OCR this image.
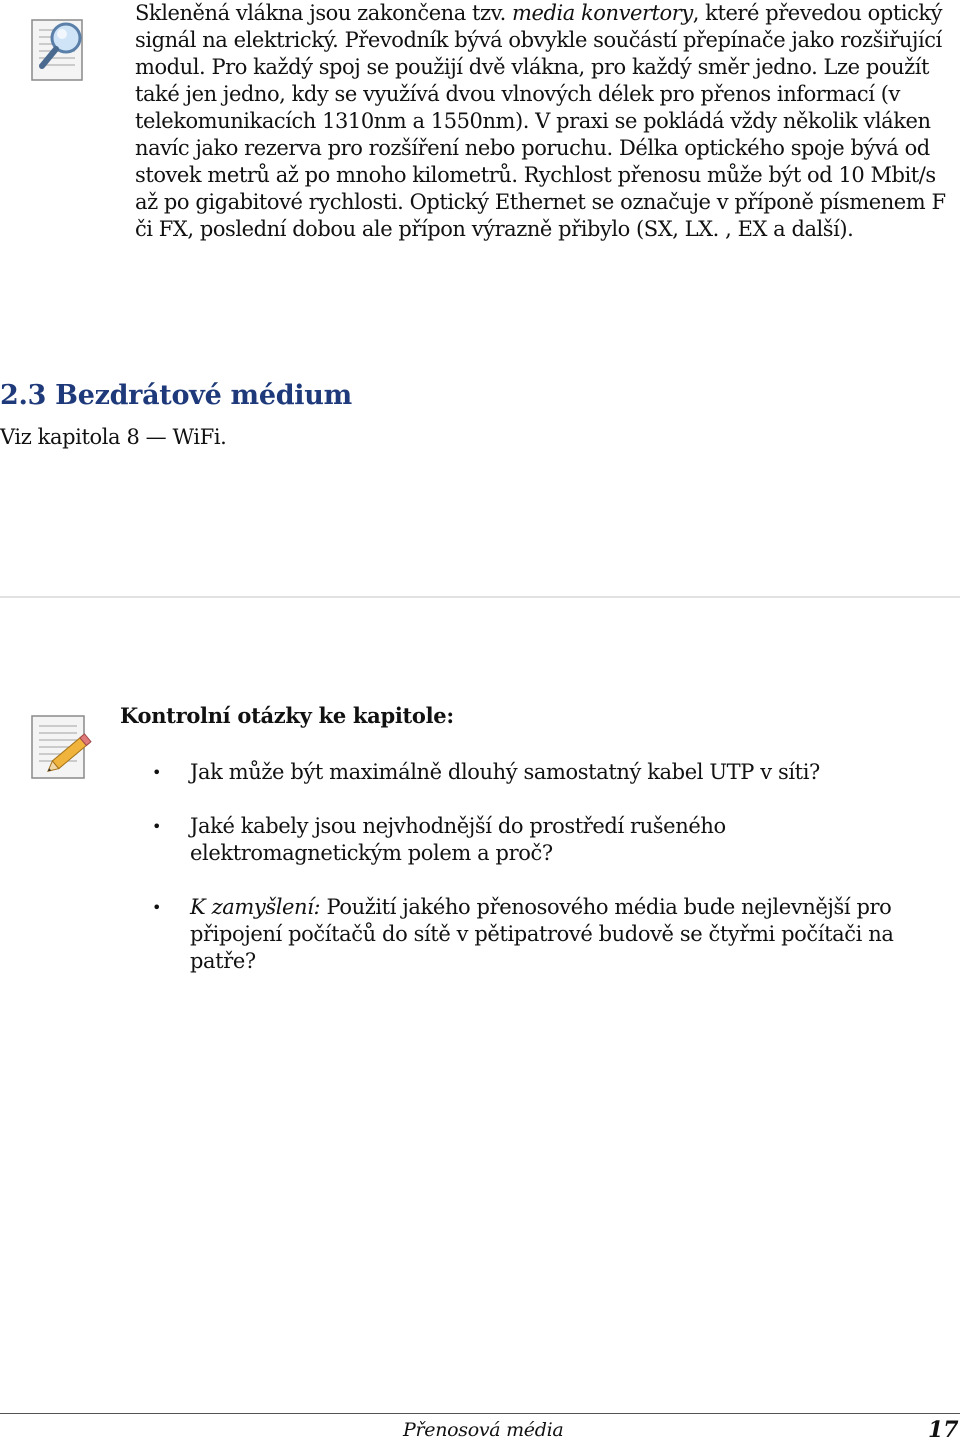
Skleněná vlákna jsou zakončena tzv. media konvertory, které převedou optický signál na elektrický. Převodník bývá obvykle součástí přepínače jako rozšiřující modul. Pro každý spoj se použijí dvě vlákna, pro každý směr jedno. Lze použít také jen jedno, kdy se využívá dvou vlnových délek pro přenos informací (v telekomunikacích 1310nm a 1550nm). V praxi se pokládá vždy několik vláken navíc jako rezerva pro rozšíření nebo poruchu. Délka optického spoje bývá od stovek metrů až po mnoho kilometrů. Rychlost přenosu může být od 10 Mbit/s až po gigabitové rychlosti. Optický Ethernet se označuje v příponě písmenem F či FX, poslední dobou ale přípon výrazně přibylo (SX, LX. , EX a další).
2.3 Bezdrátové médium
Viz kapitola 8 — WiFi.
Kontrolní otázky ke kapitole:
• Jak může být maximálně dlouhý samostatný kabel UTP v síti?
• Jaké kabely jsou nejvhodnější do prostředí rušeného elektromagnetickým polem a proč?
• K zamyšlení: Použití jakého přenosového média bude nejlevnější pro připojení počítačů do sítě v pětipatrové budově se čtyřmi počítači na patře?
Přenosová média	17
